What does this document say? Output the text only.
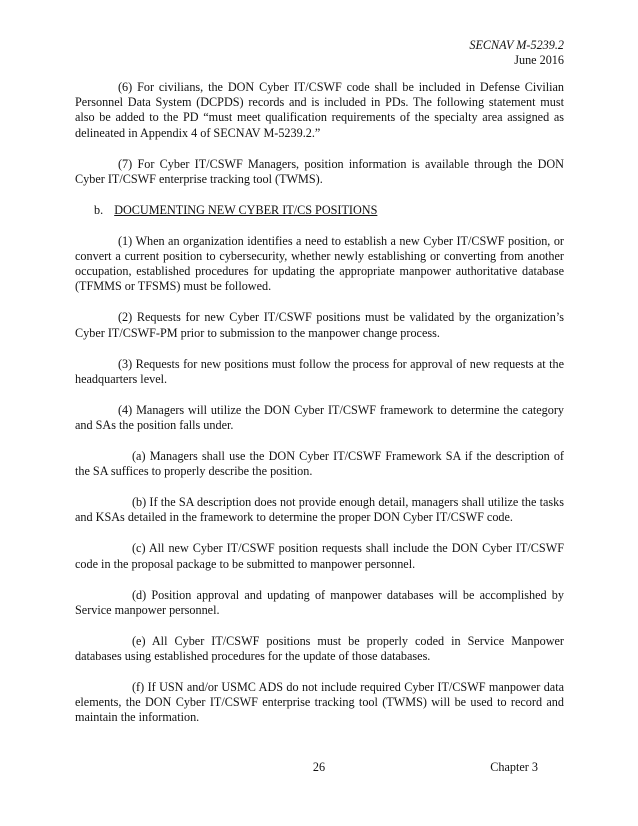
SECNAV M-5239.2
June 2016

(6) For civilians, the DON Cyber IT/CSWF code shall be included in Defense Civilian Personnel Data System (DCPDS) records and is included in PDs. The following statement must also be added to the PD “must meet qualification requirements of the specialty area assigned as delineated in Appendix 4 of SECNAV M-5239.2.”

(7) For Cyber IT/CSWF Managers, position information is available through the DON Cyber IT/CSWF enterprise tracking tool (TWMS).

b. DOCUMENTING NEW CYBER IT/CS POSITIONS

(1) When an organization identifies a need to establish a new Cyber IT/CSWF position, or convert a current position to cybersecurity, whether newly establishing or converting from another occupation, established procedures for updating the appropriate manpower authoritative database (TFMMS or TFSMS) must be followed.

(2) Requests for new Cyber IT/CSWF positions must be validated by the organization’s Cyber IT/CSWF-PM prior to submission to the manpower change process.

(3) Requests for new positions must follow the process for approval of new requests at the headquarters level.

(4) Managers will utilize the DON Cyber IT/CSWF framework to determine the category and SAs the position falls under.

(a) Managers shall use the DON Cyber IT/CSWF Framework SA if the description of the SA suffices to properly describe the position.

(b) If the SA description does not provide enough detail, managers shall utilize the tasks and KSAs detailed in the framework to determine the proper DON Cyber IT/CSWF code.

(c) All new Cyber IT/CSWF position requests shall include the DON Cyber IT/CSWF code in the proposal package to be submitted to manpower personnel.

(d) Position approval and updating of manpower databases will be accomplished by Service manpower personnel.

(e) All Cyber IT/CSWF positions must be properly coded in Service Manpower databases using established procedures for the update of those databases.

(f) If USN and/or USMC ADS do not include required Cyber IT/CSWF manpower data elements, the DON Cyber IT/CSWF enterprise tracking tool (TWMS) will be used to record and maintain the information.

26	Chapter 3
